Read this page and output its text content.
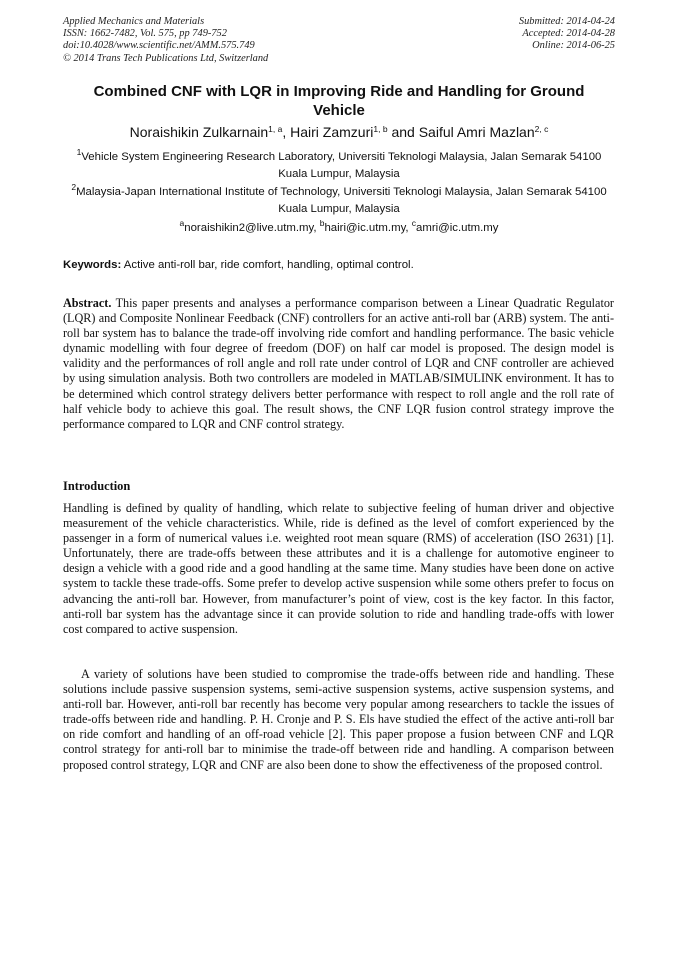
Applied Mechanics and Materials
ISSN: 1662-7482, Vol. 575, pp 749-752
doi:10.4028/www.scientific.net/AMM.575.749
© 2014 Trans Tech Publications Ltd, Switzerland
Submitted: 2014-04-24
Accepted: 2014-04-28
Online: 2014-06-25
Combined CNF with LQR in Improving Ride and Handling for Ground Vehicle
Noraishikin Zulkarnain$^{1, a}$, Hairi Zamzuri$^{1, b}$ and Saiful Amri Mazlan$^{2, c}$
$^1$Vehicle System Engineering Research Laboratory, Universiti Teknologi Malaysia, Jalan Semarak 54100 Kuala Lumpur, Malaysia
$^2$Malaysia-Japan International Institute of Technology, Universiti Teknologi Malaysia, Jalan Semarak 54100 Kuala Lumpur, Malaysia
$^a$noraishikin2@live.utm.my, $^b$hairi@ic.utm.my, $^c$amri@ic.utm.my
Keywords: Active anti-roll bar, ride comfort, handling, optimal control.

Abstract. This paper presents and analyses a performance comparison between a Linear Quadratic Regulator (LQR) and Composite Nonlinear Feedback (CNF) controllers for an active anti-roll bar (ARB) system. The anti-roll bar system has to balance the trade-off involving ride comfort and handling performance. The basic vehicle dynamic modelling with four degree of freedom (DOF) on half car model is proposed. The design model is validity and the performances of roll angle and roll rate under control of LQR and CNF controller are achieved by using simulation analysis. Both two controllers are modeled in MATLAB/SIMULINK environment. It has to be determined which control strategy delivers better performance with respect to roll angle and the roll rate of half vehicle body to achieve this goal. The result shows, the CNF LQR fusion control strategy improve the performance compared to LQR and CNF control strategy.

Introduction

Handling is defined by quality of handling, which relate to subjective feeling of human driver and objective measurement of the vehicle characteristics. While, ride is defined as the level of comfort experienced by the passenger in a form of numerical values i.e. weighted root mean square (RMS) of acceleration (ISO 2631) [1]. Unfortunately, there are trade-offs between these attributes and it is a challenge for automotive engineer to design a vehicle with a good ride and a good handling at the same time. Many studies have been done on active system to tackle these trade-offs. Some prefer to develop active suspension while some others prefer to focus on advancing the anti-roll bar. However, from manufacturer’s point of view, cost is the key factor. In this factor, anti-roll bar system has the advantage since it can provide solution to ride and handling trade-offs with lower cost compared to active suspension.

A variety of solutions have been studied to compromise the trade-offs between ride and handling. These solutions include passive suspension systems, semi-active suspension systems, active suspension systems, and anti-roll bar. However, anti-roll bar recently has become very popular among researchers to tackle the issues of trade-offs between ride and handling. P. H. Cronje and P. S. Els have studied the effect of the active anti-roll bar on ride comfort and handling of an off-road vehicle [2]. This paper propose a fusion between CNF and LQR control strategy for anti-roll bar to minimise the trade-off between ride and handling. A comparison between proposed control strategy, LQR and CNF are also been done to show the effectiveness of the proposed control.
